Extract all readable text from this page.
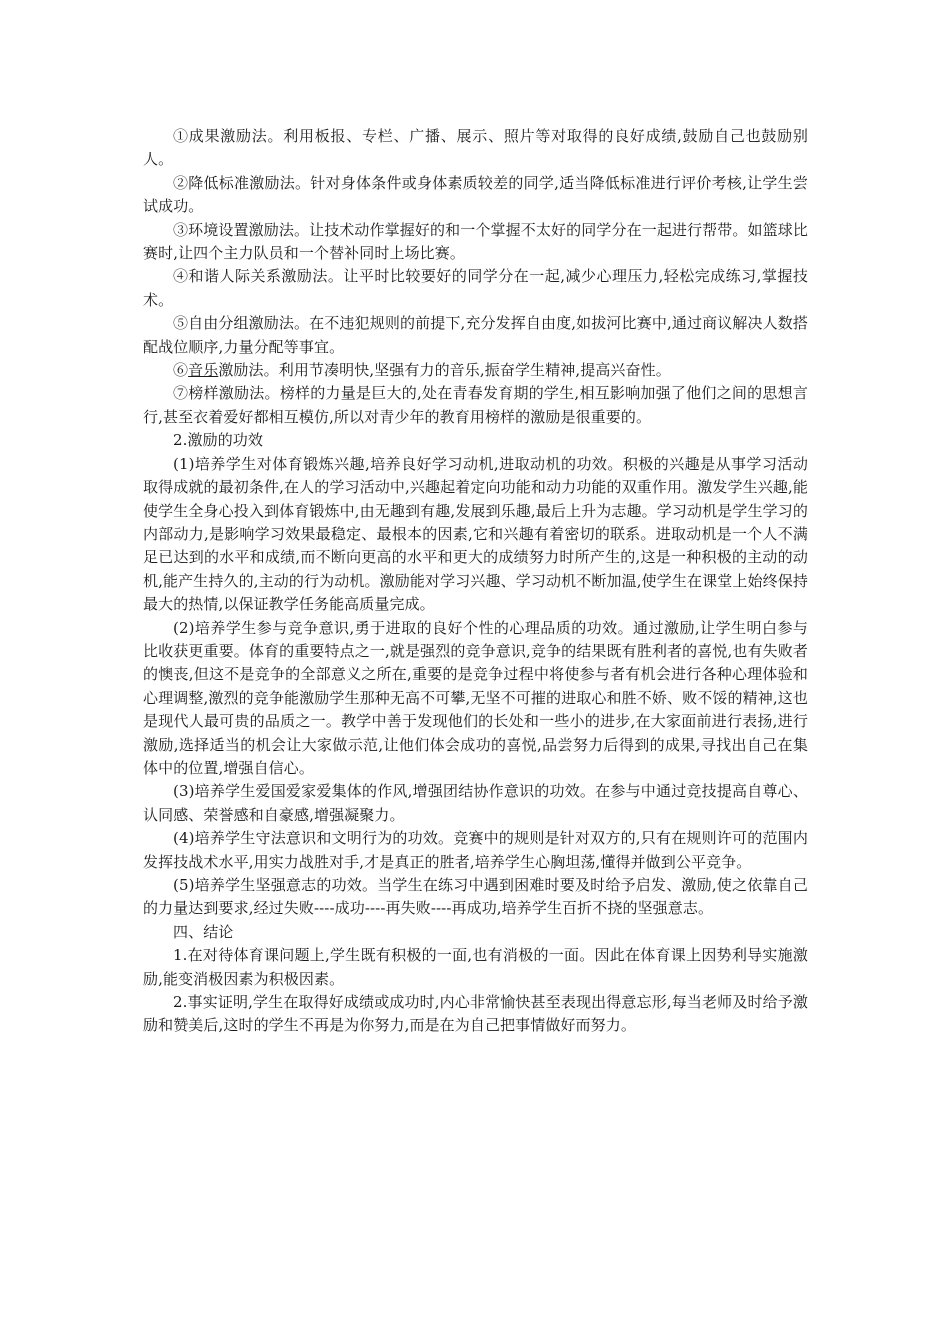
①成果激励法。利用板报、专栏、广播、展示、照片等对取得的良好成绩,鼓励自己也鼓励别人。

②降低标准激励法。针对身体条件或身体素质较差的同学,适当降低标准进行评价考核,让学生尝试成功。

③环境设置激励法。让技术动作掌握好的和一个掌握不太好的同学分在一起进行帮带。如篮球比赛时,让四个主力队员和一个替补同时上场比赛。

④和谐人际关系激励法。让平时比较要好的同学分在一起,减少心理压力,轻松完成练习,掌握技术。

⑤自由分组激励法。在不违犯规则的前提下,充分发挥自由度,如拔河比赛中,通过商议解决人数搭配战位顺序,力量分配等事宜。

⑥音乐激励法。利用节凑明快,坚强有力的音乐,振奋学生精神,提高兴奋性。

⑦榜样激励法。榜样的力量是巨大的,处在青春发育期的学生,相互影响加强了他们之间的思想言行,甚至衣着爱好都相互模仿,所以对青少年的教育用榜样的激励是很重要的。

2.激励的功效

(1)培养学生对体育锻炼兴趣,培养良好学习动机,进取动机的功效。积极的兴趣是从事学习活动取得成就的最初条件,在人的学习活动中,兴趣起着定向功能和动力功能的双重作用。激发学生兴趣,能使学生全身心投入到体育锻炼中,由无趣到有趣,发展到乐趣,最后上升为志趣。学习动机是学生学习的内部动力,是影响学习效果最稳定、最根本的因素,它和兴趣有着密切的联系。进取动机是一个人不满足已达到的水平和成绩,而不断向更高的水平和更大的成绩努力时所产生的,这是一种积极的主动的动机,能产生持久的,主动的行为动机。激励能对学习兴趣、学习动机不断加温,使学生在课堂上始终保持最大的热情,以保证教学任务能高质量完成。

(2)培养学生参与竞争意识,勇于进取的良好个性的心理品质的功效。通过激励,让学生明白参与比收获更重要。体育的重要特点之一,就是强烈的竞争意识,竞争的结果既有胜利者的喜悦,也有失败者的懊丧,但这不是竞争的全部意义之所在,重要的是竞争过程中将使参与者有机会进行各种心理体验和心理调整,激烈的竞争能激励学生那种无高不可攀,无坚不可摧的进取心和胜不娇、败不馁的精神,这也是现代人最可贵的品质之一。教学中善于发现他们的长处和一些小的进步,在大家面前进行表扬,进行激励,选择适当的机会让大家做示范,让他们体会成功的喜悦,品尝努力后得到的成果,寻找出自己在集体中的位置,增强自信心。

(3)培养学生爱国爱家爱集体的作风,增强团结协作意识的功效。在参与中通过竞技提高自尊心、认同感、荣誉感和自豪感,增强凝聚力。

(4)培养学生守法意识和文明行为的功效。竞赛中的规则是针对双方的,只有在规则许可的范围内发挥技战术水平,用实力战胜对手,才是真正的胜者,培养学生心胸坦荡,懂得并做到公平竞争。

(5)培养学生坚强意志的功效。当学生在练习中遇到困难时要及时给予启发、激励,使之依靠自己的力量达到要求,经过失败----成功----再失败----再成功,培养学生百折不挠的坚强意志。

四、结论

1.在对待体育课问题上,学生既有积极的一面,也有消极的一面。因此在体育课上因势利导实施激励,能变消极因素为积极因素。

2.事实证明,学生在取得好成绩或成功时,内心非常愉快甚至表现出得意忘形,每当老师及时给予激励和赞美后,这时的学生不再是为你努力,而是在为自己把事情做好而努力。
